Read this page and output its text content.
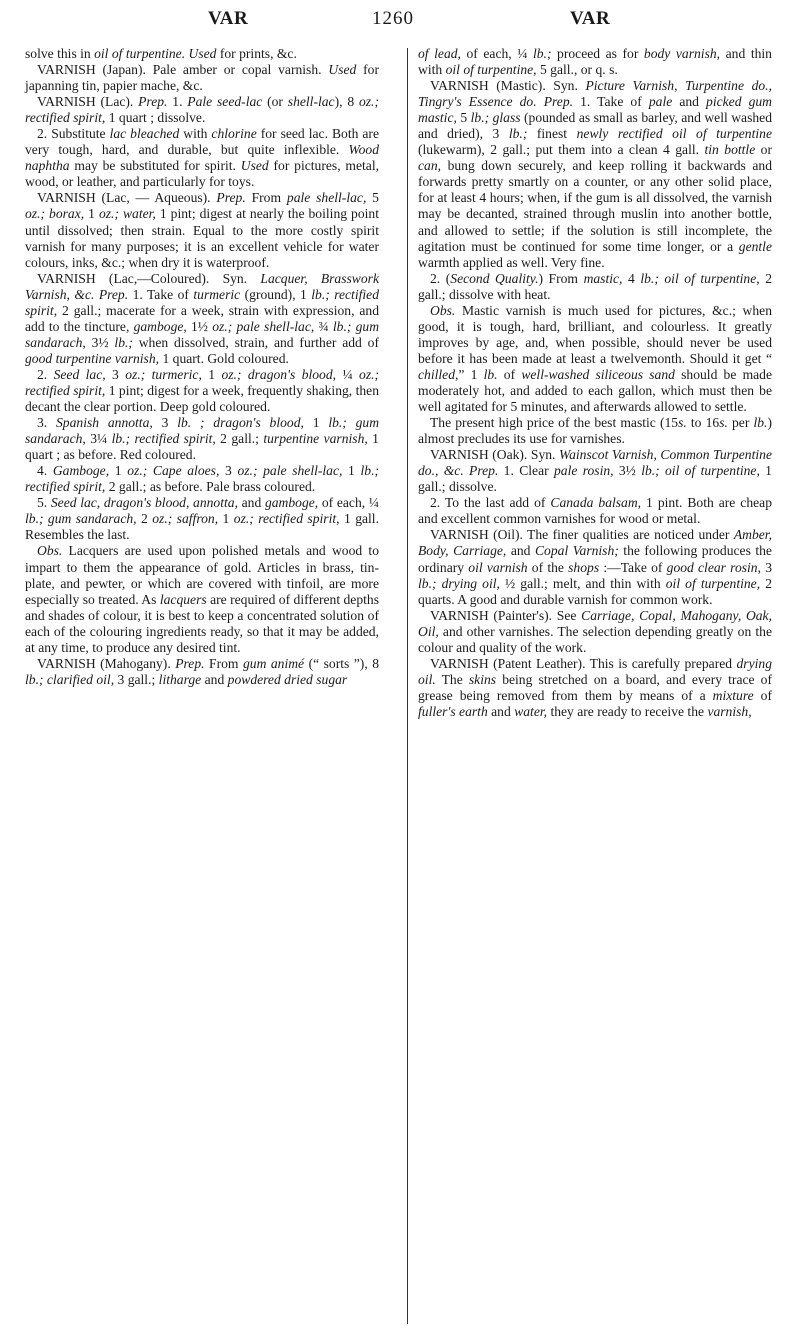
VAR	1260	VAR

solve this in oil of turpentine. Used for prints, &c.

VARNISH (Japan). Pale amber or copal varnish. Used for japanning tin, papier mache, &c.

VARNISH (Lac). Prep. 1. Pale seed-lac (or shell-lac), 8 oz.; rectified spirit, 1 quart ; dissolve.

2. Substitute lac bleached with chlorine for seed lac. Both are very tough, hard, and durable, but quite inflexible. Wood naphtha may be substituted for spirit. Used for pictures, metal, wood, or leather, and particularly for toys.

VARNISH (Lac, — Aqueous). Prep. From pale shell-lac, 5 oz.; borax, 1 oz.; water, 1 pint; digest at nearly the boiling point until dissolved; then strain. Equal to the more costly spirit varnish for many purposes; it is an excellent vehicle for water colours, inks, &c.; when dry it is waterproof.

VARNISH (Lac,—Coloured). Syn. Lacquer, Brasswork Varnish, &c. Prep. 1. Take of turmeric (ground), 1 lb.; rectified spirit, 2 gall.; macerate for a week, strain with expression, and add to the tincture, gamboge, 1½ oz.; pale shell-lac, ¾ lb.; gum sandarach, 3½ lb.; when dissolved, strain, and further add of good turpentine varnish, 1 quart. Gold coloured.

2. Seed lac, 3 oz.; turmeric, 1 oz.; dragon's blood, ¼ oz.; rectified spirit, 1 pint; digest for a week, frequently shaking, then decant the clear portion. Deep gold coloured.

3. Spanish annotta, 3 lb. ; dragon's blood, 1 lb.; gum sandarach, 3¼ lb.; rectified spirit, 2 gall.; turpentine varnish, 1 quart ; as before. Red coloured.

4. Gamboge, 1 oz.; Cape aloes, 3 oz.; pale shell-lac, 1 lb.; rectified spirit, 2 gall.; as before. Pale brass coloured.

5. Seed lac, dragon's blood, annotta, and gamboge, of each, ¼ lb.; gum sandarach, 2 oz.; saffron, 1 oz.; rectified spirit, 1 gall. Resembles the last.

Obs. Lacquers are used upon polished metals and wood to impart to them the appearance of gold. Articles in brass, tin-plate, and pewter, or which are covered with tinfoil, are more especially so treated. As lacquers are required of different depths and shades of colour, it is best to keep a concentrated solution of each of the colouring ingredients ready, so that it may be added, at any time, to produce any desired tint.

VARNISH (Mahogany). Prep. From gum animé (“ sorts ”), 8 lb.; clarified oil, 3 gall.; litharge and powdered dried sugar

of lead, of each, ¼ lb.; proceed as for body varnish, and thin with oil of turpentine, 5 gall., or q. s.

VARNISH (Mastic). Syn. Picture Varnish, Turpentine do., Tingry's Essence do. Prep. 1. Take of pale and picked gum mastic, 5 lb.; glass (pounded as small as barley, and well washed and dried), 3 lb.; finest newly rectified oil of turpentine (lukewarm), 2 gall.; put them into a clean 4 gall. tin bottle or can, bung down securely, and keep rolling it backwards and forwards pretty smartly on a counter, or any other solid place, for at least 4 hours; when, if the gum is all dissolved, the varnish may be decanted, strained through muslin into another bottle, and allowed to settle; if the solution is still incomplete, the agitation must be continued for some time longer, or a gentle warmth applied as well. Very fine.

2. (Second Quality.) From mastic, 4 lb.; oil of turpentine, 2 gall.; dissolve with heat.

Obs. Mastic varnish is much used for pictures, &c.; when good, it is tough, hard, brilliant, and colourless. It greatly improves by age, and, when possible, should never be used before it has been made at least a twelvemonth. Should it get “ chilled,” 1 lb. of well-washed siliceous sand should be made moderately hot, and added to each gallon, which must then be well agitated for 5 minutes, and afterwards allowed to settle.

The present high price of the best mastic (15s. to 16s. per lb.) almost precludes its use for varnishes.

VARNISH (Oak). Syn. Wainscot Varnish, Common Turpentine do., &c. Prep. 1. Clear pale rosin, 3½ lb.; oil of turpentine, 1 gall.; dissolve.

2. To the last add of Canada balsam, 1 pint. Both are cheap and excellent common varnishes for wood or metal.

VARNISH (Oil). The finer qualities are noticed under Amber, Body, Carriage, and Copal Varnish; the following produces the ordinary oil varnish of the shops :—Take of good clear rosin, 3 lb.; drying oil, ½ gall.; melt, and thin with oil of turpentine, 2 quarts. A good and durable varnish for common work.

VARNISH (Painter's). See Carriage, Copal, Mahogany, Oak, Oil, and other varnishes. The selection depending greatly on the colour and quality of the work.

VARNISH (Patent Leather). This is carefully prepared drying oil. The skins being stretched on a board, and every trace of grease being removed from them by means of a mixture of fuller's earth and water, they are ready to receive the varnish,
